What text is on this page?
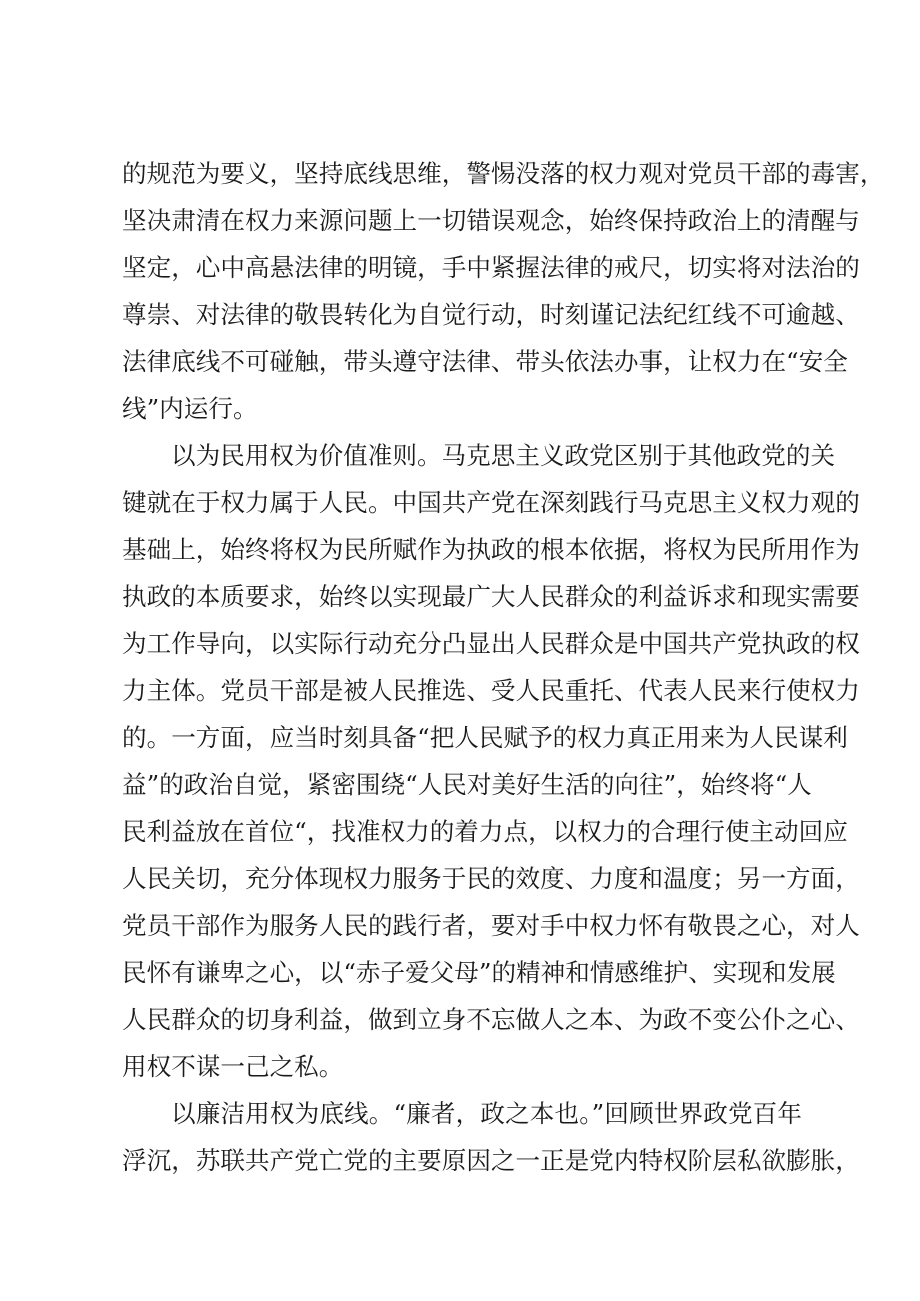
的规范为要义，坚持底线思维，警惕没落的权力观对党员干部的毒害，
坚决肃清在权力来源问题上一切错误观念，始终保持政治上的清醒与
坚定，心中高悬法律的明镜，手中紧握法律的戒尺，切实将对法治的
尊崇、对法律的敬畏转化为自觉行动，时刻谨记法纪红线不可逾越、
法律底线不可碰触，带头遵守法律、带头依法办事，让权力在“安全
线”内运行。
以为民用权为价值准则。马克思主义政党区别于其他政党的关
键就在于权力属于人民。中国共产党在深刻践行马克思主义权力观的
基础上，始终将权为民所赋作为执政的根本依据，将权为民所用作为
执政的本质要求，始终以实现最广大人民群众的利益诉求和现实需要
为工作导向，以实际行动充分凸显出人民群众是中国共产党执政的权
力主体。党员干部是被人民推选、受人民重托、代表人民来行使权力
的。一方面，应当时刻具备“把人民赋予的权力真正用来为人民谋利
益”的政治自觉，紧密围绕“人民对美好生活的向往”，始终将“人
民利益放在首位“，找准权力的着力点，以权力的合理行使主动回应
人民关切，充分体现权力服务于民的效度、力度和温度；另一方面，
党员干部作为服务人民的践行者，要对手中权力怀有敬畏之心，对人
民怀有谦卑之心，以“赤子爱父母”的精神和情感维护、实现和发展
人民群众的切身利益，做到立身不忘做人之本、为政不变公仆之心、
用权不谋一己之私。
以廉洁用权为底线。“廉者，政之本也。”回顾世界政党百年
浮沉，苏联共产党亡党的主要原因之一正是党内特权阶层私欲膨胀，
